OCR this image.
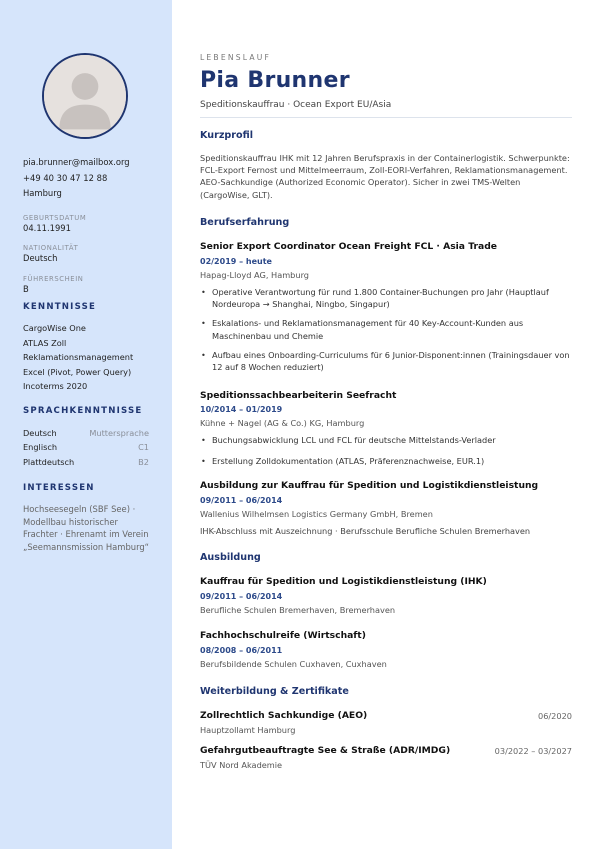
pia.brunner@mailbox.org
+49 40 30 47 12 88
Hamburg
GEBURTSDATUM
04.11.1991
NATIONALITÄT
Deutsch
FÜHRERSCHEIN
B
KENNTNISSE
CargoWise One
ATLAS Zoll
Reklamationsmanagement
Excel (Pivot, Power Query)
Incoterms 2020
SPRACHKENNTNISSE
Deutsch	Muttersprache
Englisch	C1
Plattdeutsch	B2
INTERESSEN
Hochseesegeln (SBF See) · Modellbau historischer Frachter · Ehrenamt im Verein „Seemannsmission Hamburg“
LEBENSLAUF
Pia Brunner
Speditionskauffrau · Ocean Export EU/Asia
Kurzprofil
Speditionskauffrau IHK mit 12 Jahren Berufspraxis in der Containerlogistik. Schwerpunkte: FCL-Export Fernost und Mittelmeerraum, Zoll-EORI-Verfahren, Reklamationsmanagement. AEO-Sachkundige (Authorized Economic Operator). Sicher in zwei TMS-Welten (CargoWise, GLT).
Berufserfahrung
Senior Export Coordinator Ocean Freight FCL · Asia Trade
02/2019 – heute
Hapag-Lloyd AG, Hamburg
• Operative Verantwortung für rund 1.800 Container-Buchungen pro Jahr (Hauptlauf Nordeuropa → Shanghai, Ningbo, Singapur)
• Eskalations- und Reklamationsmanagement für 40 Key-Account-Kunden aus Maschinenbau und Chemie
• Aufbau eines Onboarding-Curriculums für 6 Junior-Disponent:innen (Trainingsdauer von 12 auf 8 Wochen reduziert)
Speditionssachbearbeiterin Seefracht
10/2014 – 01/2019
Kühne + Nagel (AG & Co.) KG, Hamburg
• Buchungsabwicklung LCL und FCL für deutsche Mittelstands-Verlader
• Erstellung Zolldokumentation (ATLAS, Präferenznachweise, EUR.1)
Ausbildung zur Kauffrau für Spedition und Logistikdienstleistung
09/2011 – 06/2014
Wallenius Wilhelmsen Logistics Germany GmbH, Bremen
IHK-Abschluss mit Auszeichnung · Berufsschule Berufliche Schulen Bremerhaven
Ausbildung
Kauffrau für Spedition und Logistikdienstleistung (IHK)
09/2011 – 06/2014
Berufliche Schulen Bremerhaven, Bremerhaven
Fachhochschulreife (Wirtschaft)
08/2008 – 06/2011
Berufsbildende Schulen Cuxhaven, Cuxhaven
Weiterbildung & Zertifikate
Zollrechtlich Sachkundige (AEO)	06/2020
Hauptzollamt Hamburg
Gefahrgutbeauftragte See & Straße (ADR/IMDG)	03/2022 – 03/2027
TÜV Nord Akademie
